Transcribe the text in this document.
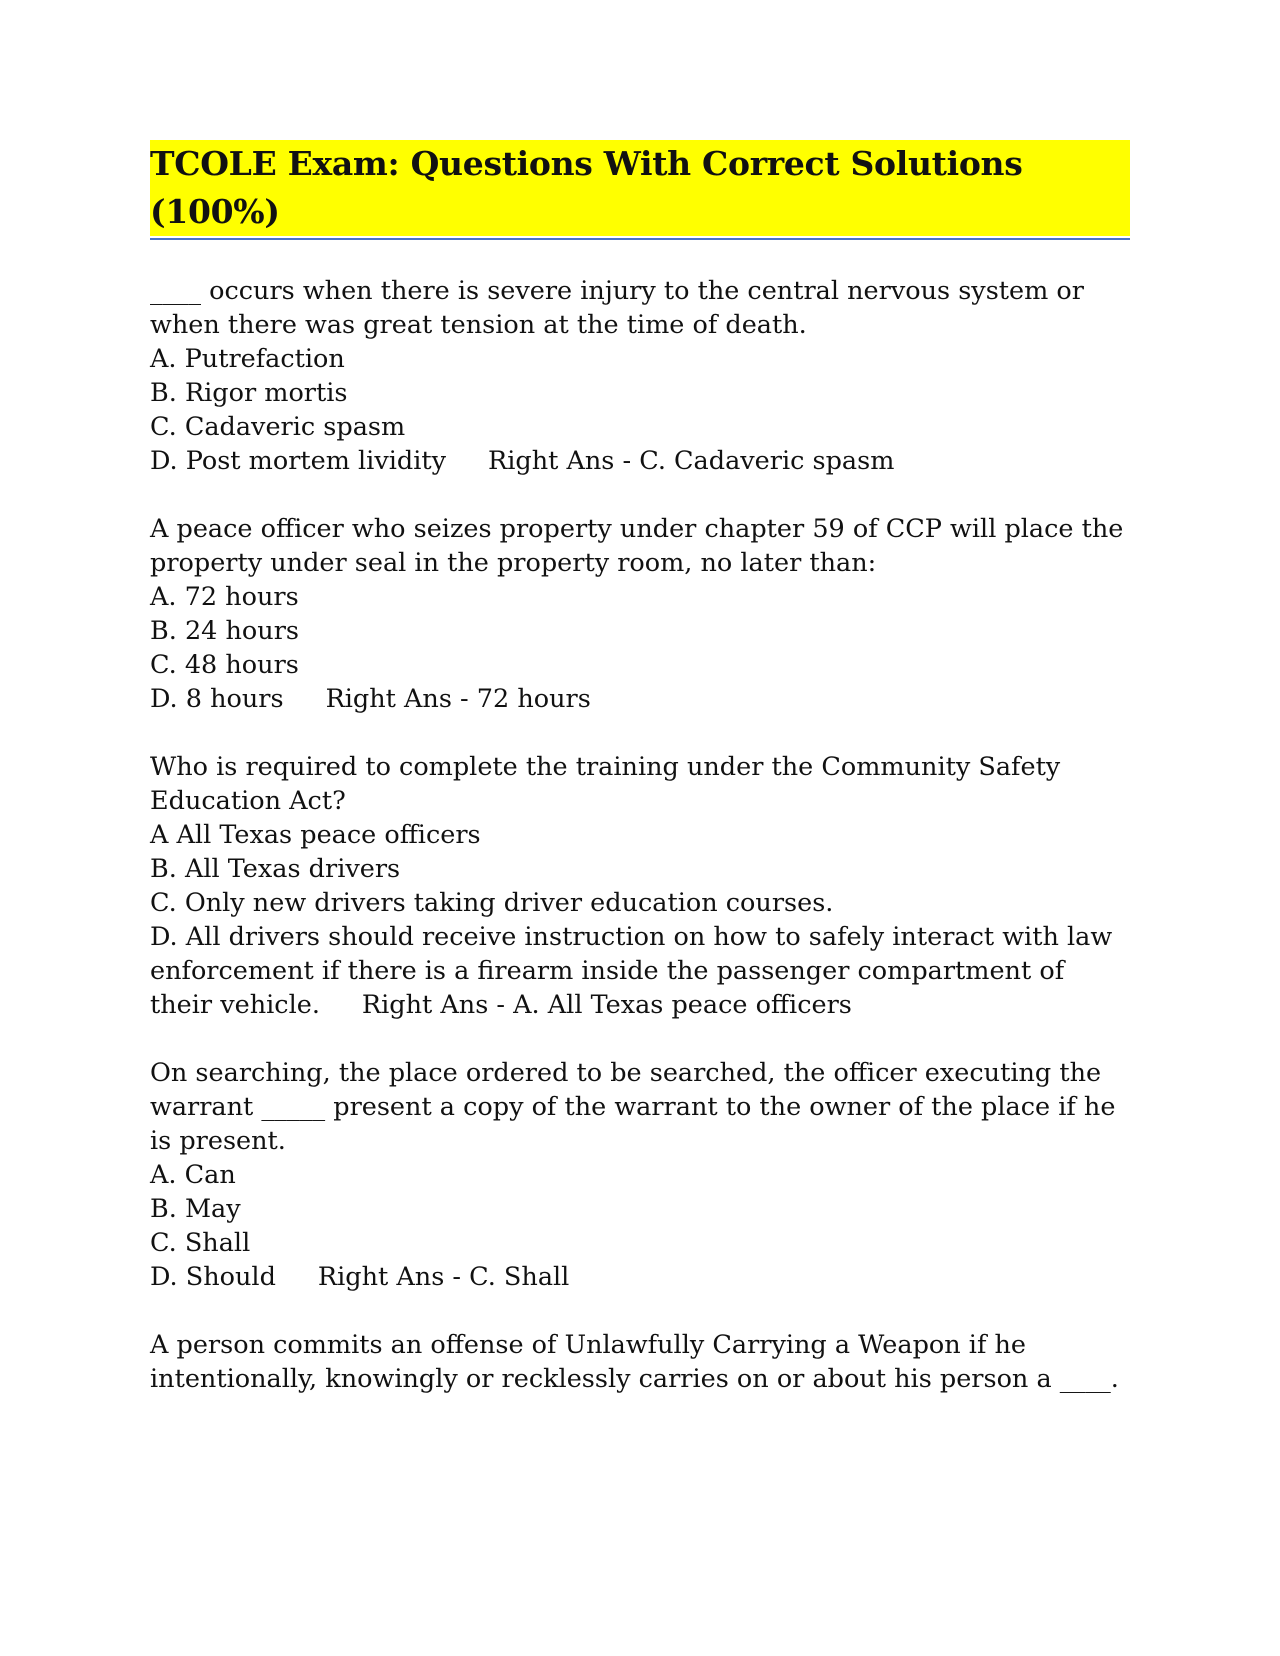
TCOLE Exam: Questions With Correct Solutions (100%)

____ occurs when there is severe injury to the central nervous system or when there was great tension at the time of death.

A. Putrefaction
B. Rigor mortis
C. Cadaveric spasm
D. Post mortem lividity Right Ans - C. Cadaveric spasm

A peace officer who seizes property under chapter 59 of CCP will place the property under seal in the property room, no later than:

A. 72 hours
B. 24 hours
C. 48 hours
D. 8 hours Right Ans - 72 hours

Who is required to complete the training under the Community Safety Education Act?

A All Texas peace officers
B. All Texas drivers
C. Only new drivers taking driver education courses.
D. All drivers should receive instruction on how to safely interact with law enforcement if there is a firearm inside the passenger compartment of their vehicle. Right Ans - A. All Texas peace officers

On searching, the place ordered to be searched, the officer executing the warrant _____ present a copy of the warrant to the owner of the place if he is present.

A. Can
B. May
C. Shall
D. Should Right Ans - C. Shall

A person commits an offense of Unlawfully Carrying a Weapon if he intentionally, knowingly or recklessly carries on or about his person a ____.
